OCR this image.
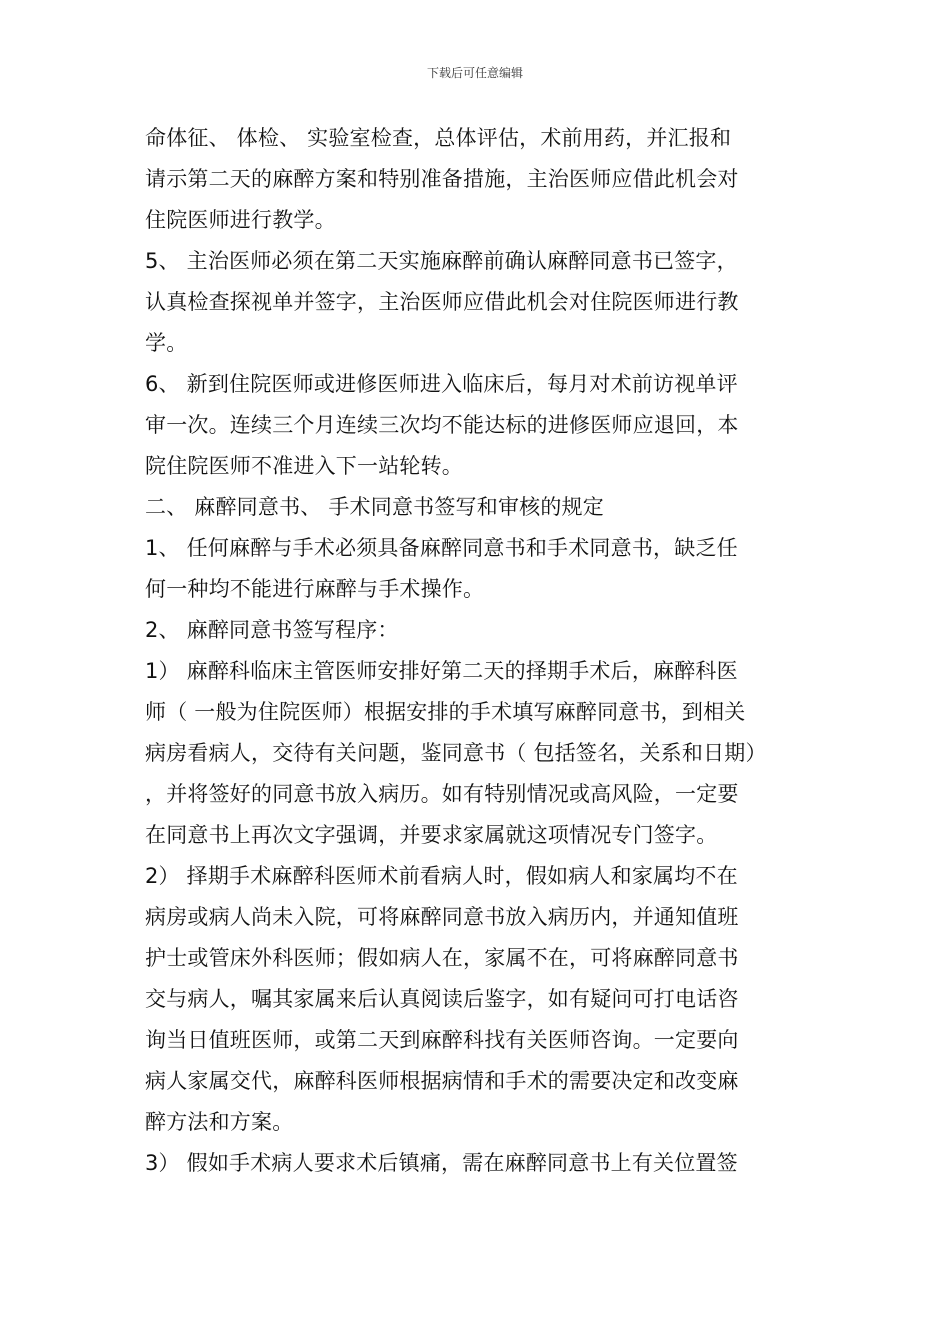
下载后可任意编辑
命体征、 体检、 实验室检查，总体评估，术前用药，并汇报和
请示第二天的麻醉方案和特别准备措施，主治医师应借此机会对
住院医师进行教学。
5、 主治医师必须在第二天实施麻醉前确认麻醉同意书已签字，
认真检查探视单并签字，主治医师应借此机会对住院医师进行教
学。
6、 新到住院医师或进修医师进入临床后，每月对术前访视单评
审一次。连续三个月连续三次均不能达标的进修医师应退回，本
院住院医师不准进入下一站轮转。
二、 麻醉同意书、 手术同意书签写和审核的规定
1、 任何麻醉与手术必须具备麻醉同意书和手术同意书，缺乏任
何一种均不能进行麻醉与手术操作。
2、 麻醉同意书签写程序：
1） 麻醉科临床主管医师安排好第二天的择期手术后，麻醉科医
师（ 一般为住院医师）根据安排的手术填写麻醉同意书，到相关
病房看病人，交待有关问题，鉴同意书（ 包括签名，关系和日期）
，并将签好的同意书放入病历。如有特别情况或高风险，一定要
在同意书上再次文字强调，并要求家属就这项情况专门签字。
2） 择期手术麻醉科医师术前看病人时，假如病人和家属均不在
病房或病人尚未入院，可将麻醉同意书放入病历内，并通知值班
护士或管床外科医师；假如病人在，家属不在，可将麻醉同意书
交与病人，嘱其家属来后认真阅读后鉴字，如有疑问可打电话咨
询当日值班医师，或第二天到麻醉科找有关医师咨询。一定要向
病人家属交代，麻醉科医师根据病情和手术的需要决定和改变麻
醉方法和方案。
3） 假如手术病人要求术后镇痛，需在麻醉同意书上有关位置签
